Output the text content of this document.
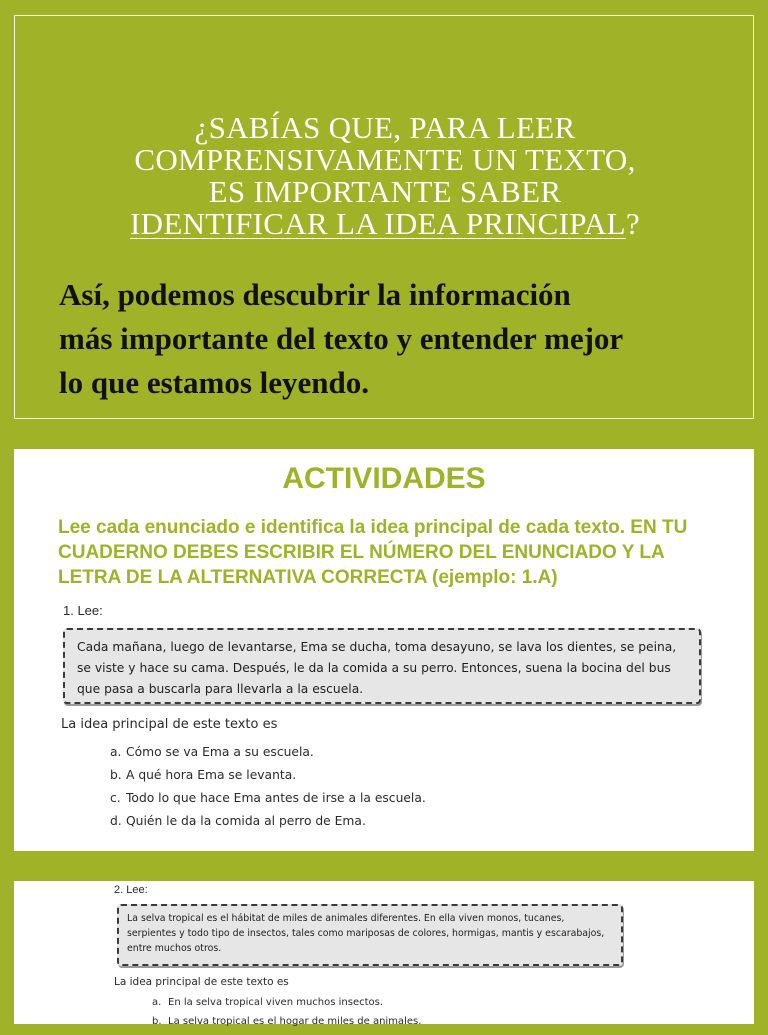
¿SABÍAS QUE, PARA LEER
COMPRENSIVAMENTE UN TEXTO,
ES IMPORTANTE SABER
IDENTIFICAR LA IDEA PRINCIPAL?
Así, podemos descubrir la información
más importante del texto y entender mejor
lo que estamos leyendo.
ACTIVIDADES
Lee cada enunciado e identifica la idea principal de cada texto. EN TU CUADERNO DEBES ESCRIBIR EL NÚMERO DEL ENUNCIADO Y LA LETRA DE LA ALTERNATIVA CORRECTA (ejemplo: 1.A)
1. Lee:
Cada mañana, luego de levantarse, Ema se ducha, toma desayuno, se lava los dientes, se peina, se viste y hace su cama. Después, le da la comida a su perro. Entonces, suena la bocina del bus que pasa a buscarla para llevarla a la escuela.
La idea principal de este texto es
a. Cómo se va Ema a su escuela.
b. A qué hora Ema se levanta.
c. Todo lo que hace Ema antes de irse a la escuela.
d. Quién le da la comida al perro de Ema.
2. Lee:
La selva tropical es el hábitat de miles de animales diferentes. En ella viven monos, tucanes, serpientes y todo tipo de insectos, tales como mariposas de colores, hormigas, mantis y escarabajos, entre muchos otros.
La idea principal de este texto es
a. En la selva tropical viven muchos insectos.
b. La selva tropical es el hogar de miles de animales.
